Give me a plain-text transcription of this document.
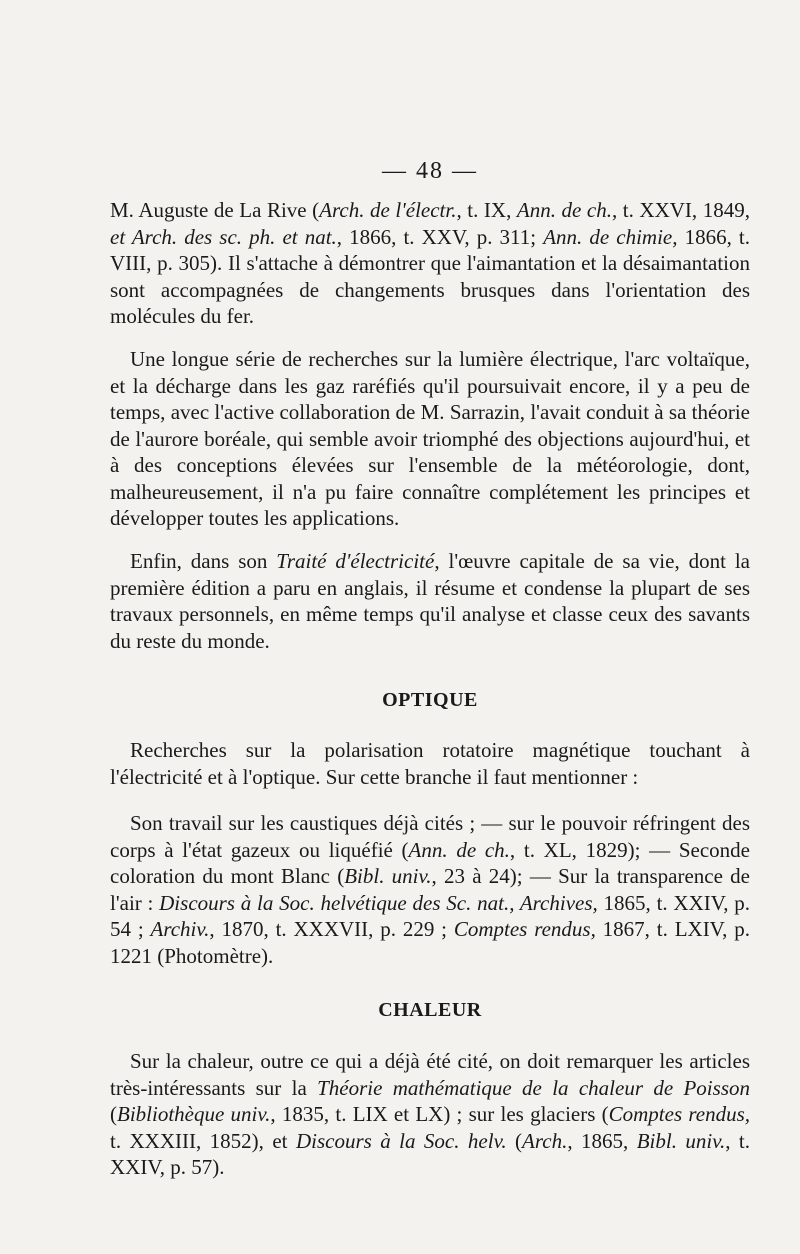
— 48 —

M. Auguste de La Rive (Arch. de l'électr., t. IX, Ann. de ch., t. XXVI, 1849, et Arch. des sc. ph. et nat., 1866, t. XXV, p. 311; Ann. de chimie, 1866, t. VIII, p. 305). Il s'attache à démontrer que l'aimantation et la désaimantation sont accompagnées de changements brusques dans l'orientation des molécules du fer.

Une longue série de recherches sur la lumière électrique, l'arc voltaïque, et la décharge dans les gaz raréfiés qu'il poursuivait encore, il y a peu de temps, avec l'active collaboration de M. Sarrazin, l'avait conduit à sa théorie de l'aurore boréale, qui semble avoir triomphé des objections aujourd'hui, et à des conceptions élevées sur l'ensemble de la météorologie, dont, malheureusement, il n'a pu faire connaître complétement les principes et développer toutes les applications.

Enfin, dans son Traité d'électricité, l'œuvre capitale de sa vie, dont la première édition a paru en anglais, il résume et condense la plupart de ses travaux personnels, en même temps qu'il analyse et classe ceux des savants du reste du monde.

OPTIQUE

Recherches sur la polarisation rotatoire magnétique touchant à l'électricité et à l'optique. Sur cette branche il faut mentionner :

Son travail sur les caustiques déjà cités ; — sur le pouvoir réfringent des corps à l'état gazeux ou liquéfié (Ann. de ch., t. XL, 1829); — Seconde coloration du mont Blanc (Bibl. univ., 23 à 24); — Sur la transparence de l'air : Discours à la Soc. helvétique des Sc. nat., Archives, 1865, t. XXIV, p. 54 ; Archiv., 1870, t. XXXVII, p. 229 ; Comptes rendus, 1867, t. LXIV, p. 1221 (Photomètre).

CHALEUR

Sur la chaleur, outre ce qui a déjà été cité, on doit remarquer les articles très-intéressants sur la Théorie mathématique de la chaleur de Poisson (Bibliothèque univ., 1835, t. LIX et LX) ; sur les glaciers (Comptes rendus, t. XXXIII, 1852), et Discours à la Soc. helv. (Arch., 1865, Bibl. univ., t. XXIV, p. 57).
